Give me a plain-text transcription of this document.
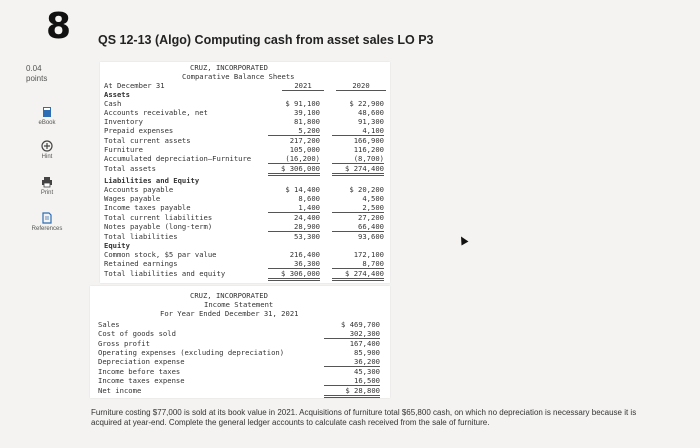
8 QS 12-13 (Algo) Computing cash from asset sales LO P3
0.04
points
eBook
Hint
Print
References
CRUZ, INCORPORATED
Comparative Balance Sheets
At December 31	2021	2020
Assets
Cash	$ 91,100	$ 22,900
Accounts receivable, net	39,100	48,600
Inventory	81,800	91,300
Prepaid expenses	5,200	4,100
Total current assets	217,200	166,900
Furniture	105,000	116,200
Accumulated depreciation—Furniture	(16,200)	(8,700)
Total assets	$ 306,000	$ 274,400
Liabilities and Equity
Accounts payable	$ 14,400	$ 20,200
Wages payable	8,600	4,500
Income taxes payable	1,400	2,500
Total current liabilities	24,400	27,200
Notes payable (long-term)	28,900	66,400
Total liabilities	53,300	93,600
Equity
Common stock, $5 par value	216,400	172,100
Retained earnings	36,300	8,700
Total liabilities and equity	$ 306,000	$ 274,400
CRUZ, INCORPORATED
Income Statement
For Year Ended December 31, 2021
Sales	$ 469,700
Cost of goods sold	302,300
Gross profit	167,400
Operating expenses (excluding depreciation)	85,900
Depreciation expense	36,200
Income before taxes	45,300
Income taxes expense	16,500
Net income	$ 28,800
Furniture costing $77,000 is sold at its book value in 2021. Acquisitions of furniture total $65,800 cash, on which no depreciation is necessary because it is acquired at year-end. Complete the general ledger accounts to calculate cash received from the sale of furniture.
